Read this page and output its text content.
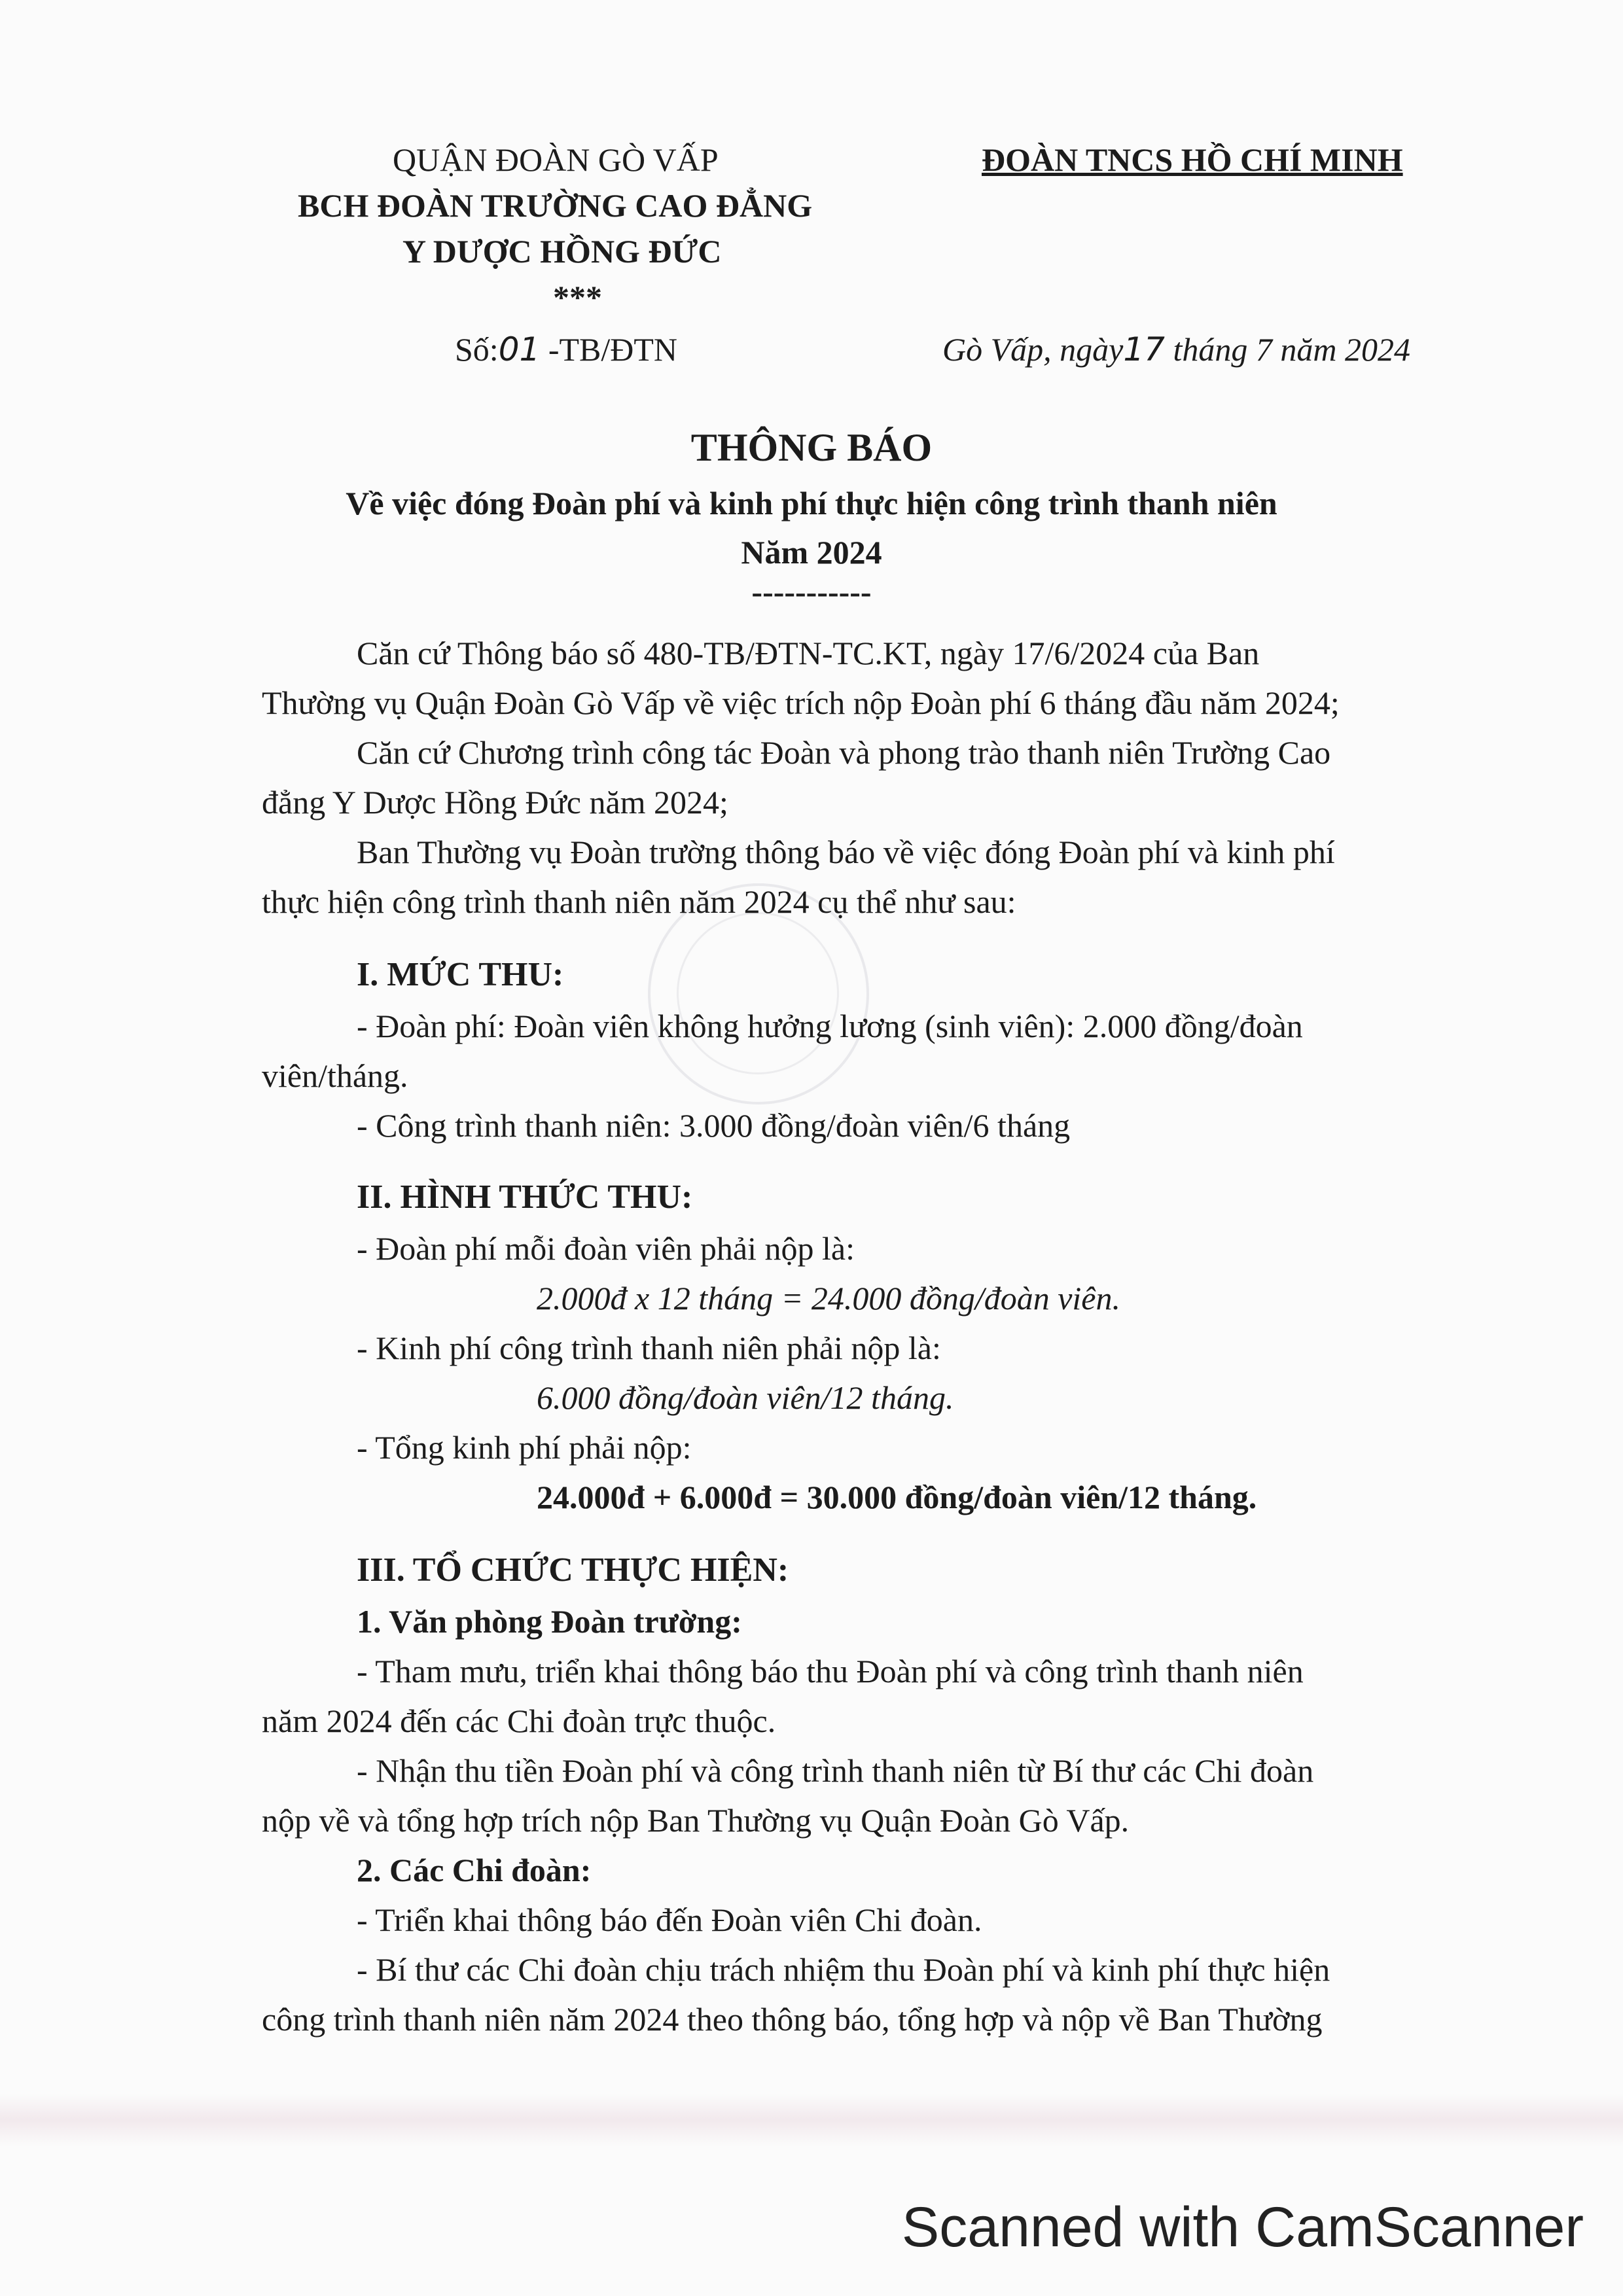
QUẬN ĐOÀN GÒ VẤP
BCH ĐOÀN TRƯỜNG CAO ĐẲNG
Y DƯỢC HỒNG ĐỨC
***
ĐOÀN TNCS HỒ CHÍ MINH
Số:01 -TB/ĐTN	Gò Vấp, ngày17 tháng 7 năm 2024
THÔNG BÁO
Về việc đóng Đoàn phí và kinh phí thực hiện công trình thanh niên
Năm 2024
-----------
Căn cứ Thông báo số 480-TB/ĐTN-TC.KT, ngày 17/6/2024 của Ban
Thường vụ Quận Đoàn Gò Vấp về việc trích nộp Đoàn phí 6 tháng đầu năm 2024;
Căn cứ Chương trình công tác Đoàn và phong trào thanh niên Trường Cao
đẳng Y Dược Hồng Đức năm 2024;
Ban Thường vụ Đoàn trường thông báo về việc đóng Đoàn phí và kinh phí
thực hiện công trình thanh niên năm 2024 cụ thể như sau:
I. MỨC THU:
- Đoàn phí: Đoàn viên không hưởng lương (sinh viên): 2.000 đồng/đoàn
viên/tháng.
- Công trình thanh niên: 3.000 đồng/đoàn viên/6 tháng
II. HÌNH THỨC THU:
- Đoàn phí mỗi đoàn viên phải nộp là:
2.000đ x 12 tháng = 24.000 đồng/đoàn viên.
- Kinh phí công trình thanh niên phải nộp là:
6.000 đồng/đoàn viên/12 tháng.
- Tổng kinh phí phải nộp:
24.000đ + 6.000đ = 30.000 đồng/đoàn viên/12 tháng.
III. TỔ CHỨC THỰC HIỆN:
1. Văn phòng Đoàn trường:
- Tham mưu, triển khai thông báo thu Đoàn phí và công trình thanh niên
năm 2024 đến các Chi đoàn trực thuộc.
- Nhận thu tiền Đoàn phí và công trình thanh niên từ Bí thư các Chi đoàn
nộp về và tổng hợp trích nộp Ban Thường vụ Quận Đoàn Gò Vấp.
2. Các Chi đoàn:
- Triển khai thông báo đến Đoàn viên Chi đoàn.
- Bí thư các Chi đoàn chịu trách nhiệm thu Đoàn phí và kinh phí thực hiện
công trình thanh niên năm 2024 theo thông báo, tổng hợp và nộp về Ban Thường
Scanned with CamScanner
